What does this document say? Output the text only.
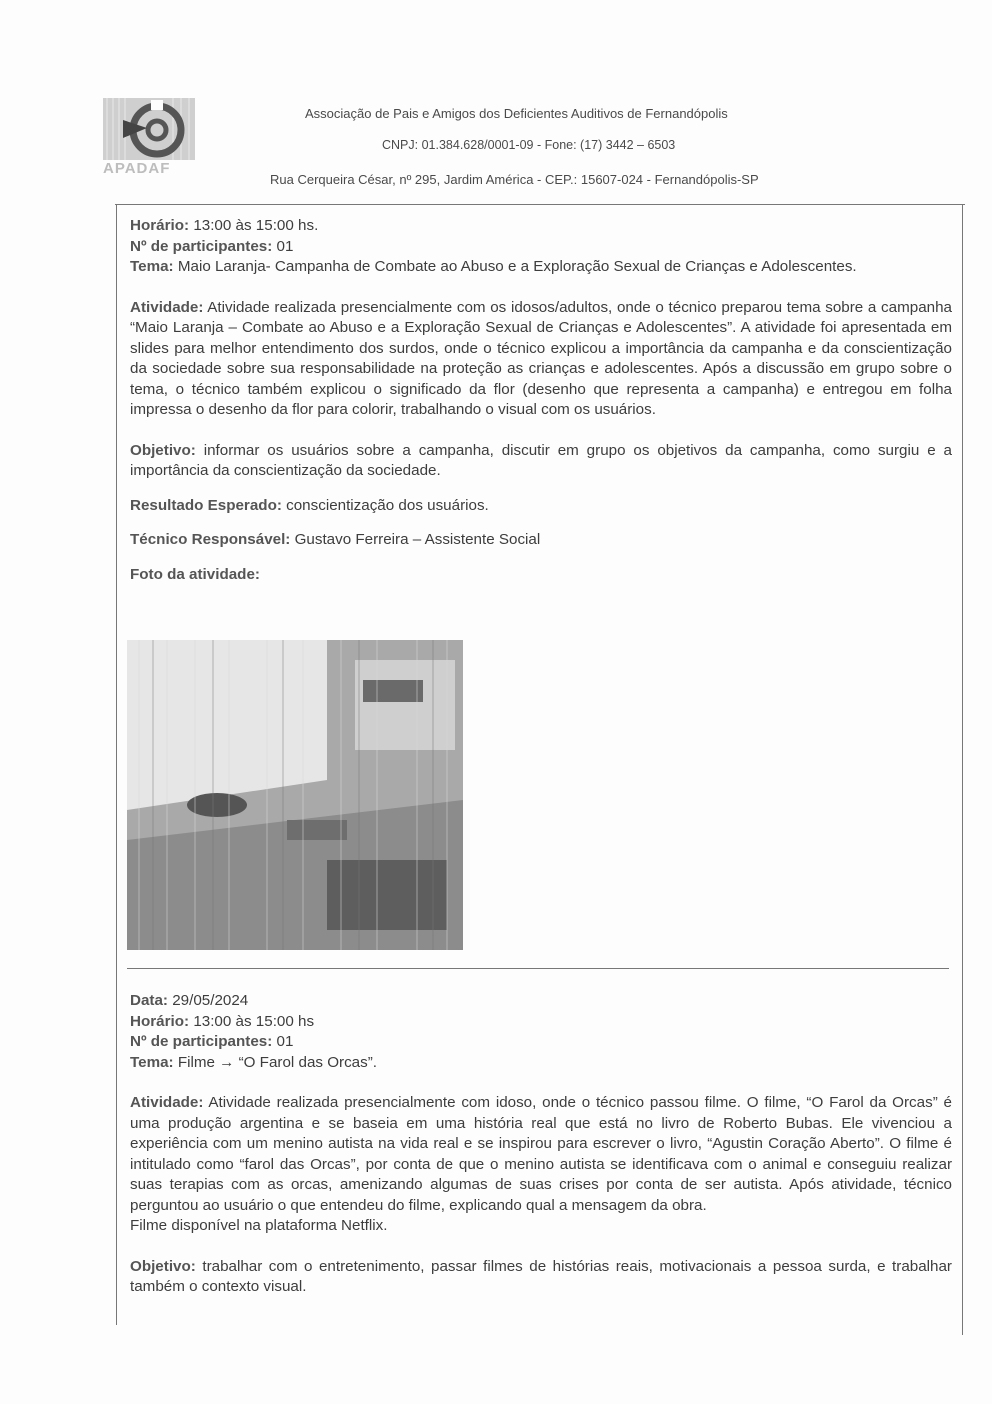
APADAF
Associação de Pais e Amigos dos Deficientes Auditivos de Fernandópolis
CNPJ: 01.384.628/0001-09 - Fone: (17) 3442 – 6503
Rua Cerqueira César, nº 295, Jardim América - CEP.: 15607-024 - Fernandópolis-SP

Horário: 13:00 às 15:00 hs.

Nº de participantes: 01

Tema: Maio Laranja- Campanha de Combate ao Abuso e a Exploração Sexual de Crianças e Adolescentes.

Atividade: Atividade realizada presencialmente com os idosos/adultos, onde o técnico preparou tema sobre a campanha “Maio Laranja – Combate ao Abuso e a Exploração Sexual de Crianças e Adolescentes”. A atividade foi apresentada em slides para melhor entendimento dos surdos, onde o técnico explicou a importância da campanha e da conscientização da sociedade sobre sua responsabilidade na proteção as crianças e adolescentes. Após a discussão em grupo sobre o tema, o técnico também explicou o significado da flor (desenho que representa a campanha) e entregou em folha impressa o desenho da flor para colorir, trabalhando o visual com os usuários.

Objetivo: informar os usuários sobre a campanha, discutir em grupo os objetivos da campanha, como surgiu e a importância da conscientização da sociedade.

Resultado Esperado: conscientização dos usuários.

Técnico Responsável: Gustavo Ferreira – Assistente Social

Foto da atividade:

Data: 29/05/2024

Horário: 13:00 às 15:00 hs

Nº de participantes: 01

Tema: Filme → “O Farol das Orcas”.

Atividade: Atividade realizada presencialmente com idoso, onde o técnico passou filme. O filme, “O Farol da Orcas” é uma produção argentina e se baseia em uma história real que está no livro de Roberto Bubas. Ele vivenciou a experiência com um menino autista na vida real e se inspirou para escrever o livro, “Agustin Coração Aberto”. O filme é intitulado como “farol das Orcas”, por conta de que o menino autista se identificava com o animal e conseguiu realizar suas terapias com as orcas, amenizando algumas de suas crises por conta de ser autista. Após atividade, técnico perguntou ao usuário o que entendeu do filme, explicando qual a mensagem da obra.

Filme disponível na plataforma Netflix.

Objetivo: trabalhar com o entretenimento, passar filmes de histórias reais, motivacionais a pessoa surda, e trabalhar também o contexto visual.
